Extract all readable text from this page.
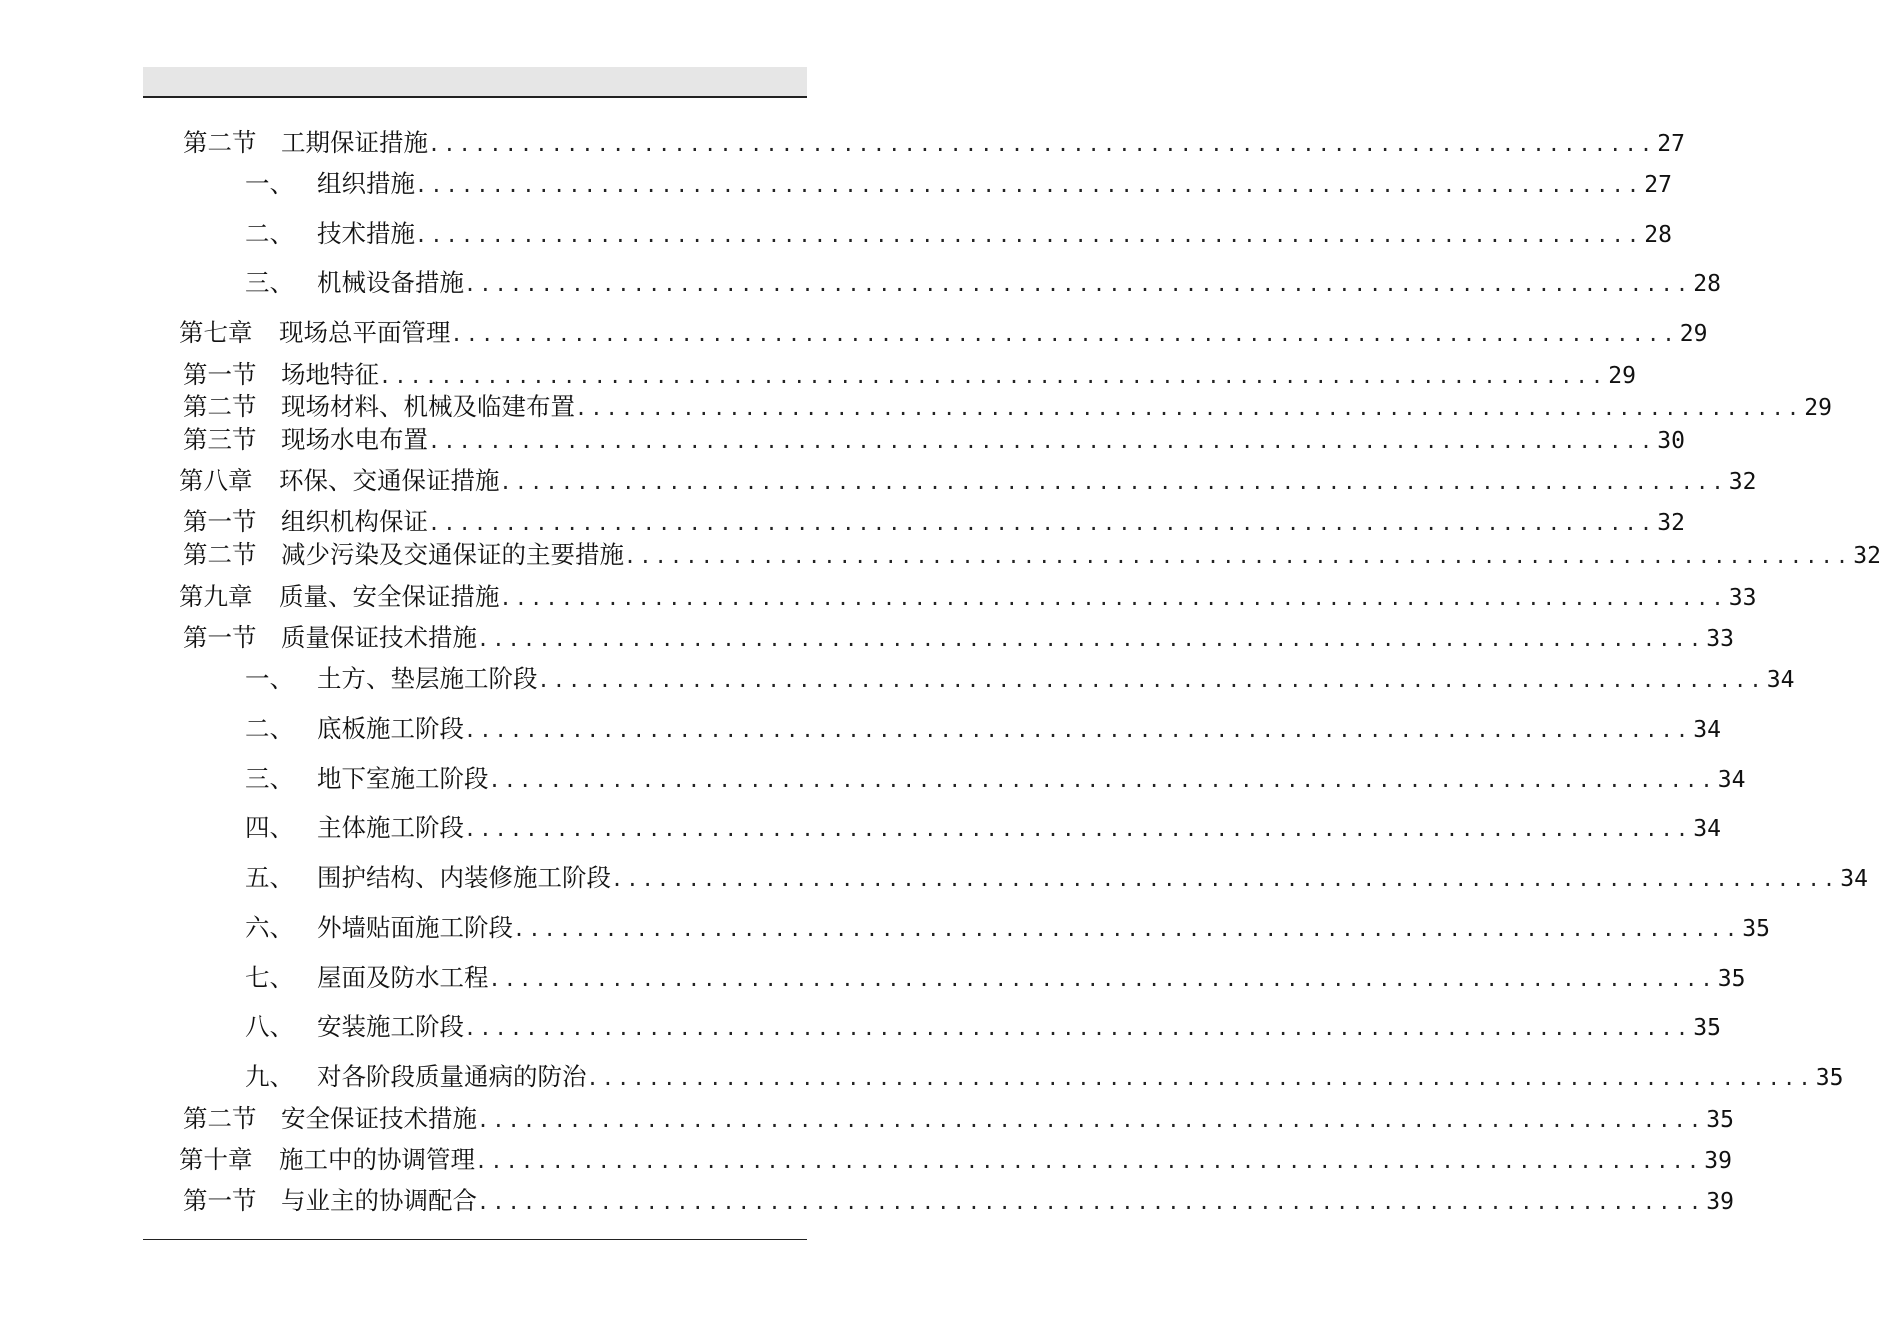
第二节 工期保证措施 ................................................................................ 27
一、 组织措施 ................................................................................ 27
二、 技术措施 ................................................................................ 28
三、 机械设备措施 ................................................................................ 28
第七章 现场总平面管理 ................................................................................ 29
第一节 场地特征 ................................................................................ 29
第二节 现场材料、机械及临建布置 ................................................................................ 29
第三节 现场水电布置 ................................................................................ 30
第八章 环保、交通保证措施 ................................................................................ 32
第一节 组织机构保证 ................................................................................ 32
第二节 减少污染及交通保证的主要措施 ................................................................................ 32
第九章 质量、安全保证措施 ................................................................................ 33
第一节 质量保证技术措施 ................................................................................ 33
一、 土方、垫层施工阶段 ................................................................................ 34
二、 底板施工阶段 ................................................................................ 34
三、 地下室施工阶段 ................................................................................ 34
四、 主体施工阶段 ................................................................................ 34
五、 围护结构、内装修施工阶段 ................................................................................ 34
六、 外墙贴面施工阶段 ................................................................................ 35
七、 屋面及防水工程 ................................................................................ 35
八、 安装施工阶段 ................................................................................ 35
九、 对各阶段质量通病的防治 ................................................................................ 35
第二节 安全保证技术措施 ................................................................................ 35
第十章 施工中的协调管理 ................................................................................ 39
第一节 与业主的协调配合 ................................................................................ 39
